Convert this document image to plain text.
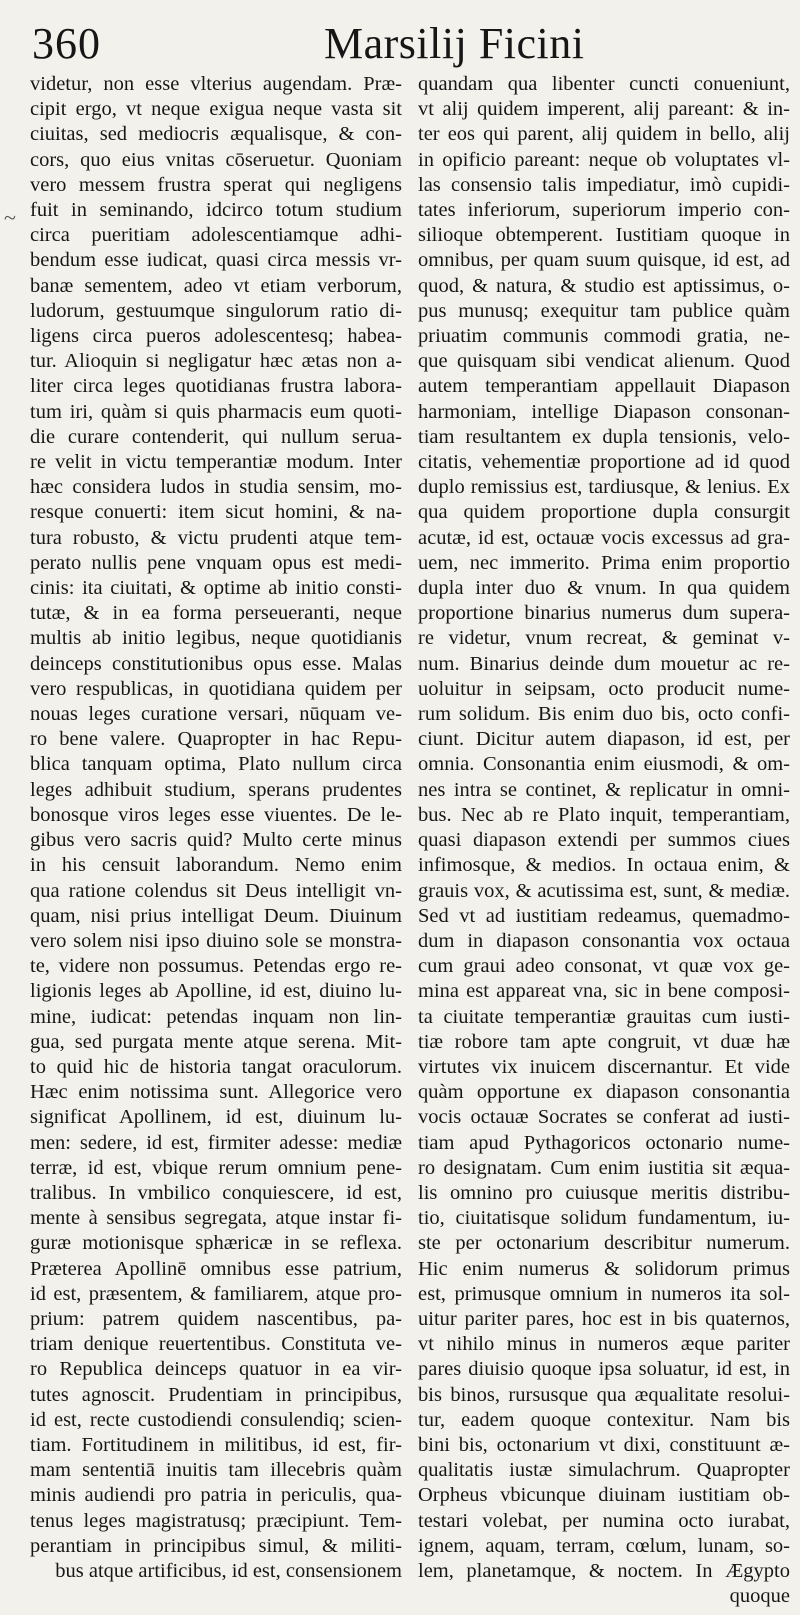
360	Marsilij Ficini
~
videtur, non esse vlterius augendam. Præ-
cipit ergo, vt neque exigua neque vasta sit
ciuitas, sed mediocris æqualisque, & con-
cors, quo eius vnitas cōseruetur. Quoniam
vero messem frustra sperat qui negligens
fuit in seminando, idcirco totum studium
circa pueritiam adolescentiamque adhi-
bendum esse iudicat, quasi circa messis vr-
banæ sementem, adeo vt etiam verborum,
ludorum, gestuumque singulorum ratio di-
ligens circa pueros adolescentesq; habea-
tur. Alioquin si negligatur hæc ætas non a-
liter circa leges quotidianas frustra labora-
tum iri, quàm si quis pharmacis eum quoti-
die curare contenderit, qui nullum serua-
re velit in victu temperantiæ modum. Inter
hæc considera ludos in studia sensim, mo-
resque conuerti: item sicut homini, & na-
tura robusto, & victu prudenti atque tem-
perato nullis pene vnquam opus est medi-
cinis: ita ciuitati, & optime ab initio consti-
tutæ, & in ea forma perseueranti, neque
multis ab initio legibus, neque quotidianis
deinceps constitutionibus opus esse. Malas
vero respublicas, in quotidiana quidem per
nouas leges curatione versari, nūquam ve-
ro bene valere. Quapropter in hac Repu-
blica tanquam optima, Plato nullum circa
leges adhibuit studium, sperans prudentes
bonosque viros leges esse viuentes. De le-
gibus vero sacris quid? Multo certe minus
in his censuit laborandum. Nemo enim
qua ratione colendus sit Deus intelligit vn-
quam, nisi prius intelligat Deum. Diuinum
vero solem nisi ipso diuino sole se monstra-
te, videre non possumus. Petendas ergo re-
ligionis leges ab Apolline, id est, diuino lu-
mine, iudicat: petendas inquam non lin-
gua, sed purgata mente atque serena. Mit-
to quid hic de historia tangat oraculorum.
Hæc enim notissima sunt. Allegorice vero
significat Apollinem, id est, diuinum lu-
men: sedere, id est, firmiter adesse: mediæ
terræ, id est, vbique rerum omnium pene-
tralibus. In vmbilico conquiescere, id est,
mente à sensibus segregata, atque instar fi-
guræ motionisque sphæricæ in se reflexa.
Præterea Apollinē omnibus esse patrium,
id est, præsentem, & familiarem, atque pro-
prium: patrem quidem nascentibus, pa-
triam denique reuertentibus. Constituta ve-
ro Republica deinceps quatuor in ea vir-
tutes agnoscit. Prudentiam in principibus,
id est, recte custodiendi consulendiq; scien-
tiam. Fortitudinem in militibus, id est, fir-
mam sententiā inuitis tam illecebris quàm
minis audiendi pro patria in periculis, qua-
tenus leges magistratusq; præcipiunt. Tem-
perantiam in principibus simul, & militi-
bus atque artificibus, id est, consensionem
quandam qua libenter cuncti conueniunt,
vt alij quidem imperent, alij pareant: & in-
ter eos qui parent, alij quidem in bello, alij
in opificio pareant: neque ob voluptates vl-
las consensio talis impediatur, imò cupidi-
tates inferiorum, superiorum imperio con-
silioque obtemperent. Iustitiam quoque in
omnibus, per quam suum quisque, id est, ad
quod, & natura, & studio est aptissimus, o-
pus munusq; exequitur tam publice quàm
priuatim communis commodi gratia, ne-
que quisquam sibi vendicat alienum. Quod
autem temperantiam appellauit Diapason
harmoniam, intellige Diapason consonan-
tiam resultantem ex dupla tensionis, velo-
citatis, vehementiæ proportione ad id quod
duplo remissius est, tardiusque, & lenius. Ex
qua quidem proportione dupla consurgit
acutæ, id est, octauæ vocis excessus ad gra-
uem, nec immerito. Prima enim proportio
dupla inter duo & vnum. In qua quidem
proportione binarius numerus dum supera-
re videtur, vnum recreat, & geminat v-
num. Binarius deinde dum mouetur ac re-
uoluitur in seipsam, octo producit nume-
rum solidum. Bis enim duo bis, octo confi-
ciunt. Dicitur autem diapason, id est, per
omnia. Consonantia enim eiusmodi, & om-
nes intra se continet, & replicatur in omni-
bus. Nec ab re Plato inquit, temperantiam,
quasi diapason extendi per summos ciues
infimosque, & medios. In octaua enim, &
grauis vox, & acutissima est, sunt, & mediæ.
Sed vt ad iustitiam redeamus, quemadmo-
dum in diapason consonantia vox octaua
cum graui adeo consonat, vt quæ vox ge-
mina est appareat vna, sic in bene composi-
ta ciuitate temperantiæ grauitas cum iusti-
tiæ robore tam apte congruit, vt duæ hæ
virtutes vix inuicem discernantur. Et vide
quàm opportune ex diapason consonantia
vocis octauæ Socrates se conferat ad iusti-
tiam apud Pythagoricos octonario nume-
ro designatam. Cum enim iustitia sit æqua-
lis omnino pro cuiusque meritis distribu-
tio, ciuitatisque solidum fundamentum, iu-
ste per octonarium describitur numerum.
Hic enim numerus & solidorum primus
est, primusque omnium in numeros ita sol-
uitur pariter pares, hoc est in bis quaternos,
vt nihilo minus in numeros æque pariter
pares diuisio quoque ipsa soluatur, id est, in
bis binos, rursusque qua æqualitate resolui-
tur, eadem quoque contexitur. Nam bis
bini bis, octonarium vt dixi, constituunt æ-
qualitatis iustæ simulachrum. Quapropter
Orpheus vbicunque diuinam iustitiam ob-
testari volebat, per numina octo iurabat,
ignem, aquam, terram, cœlum, lunam, so-
lem, planetamque, & noctem. In Ægypto
quoque
